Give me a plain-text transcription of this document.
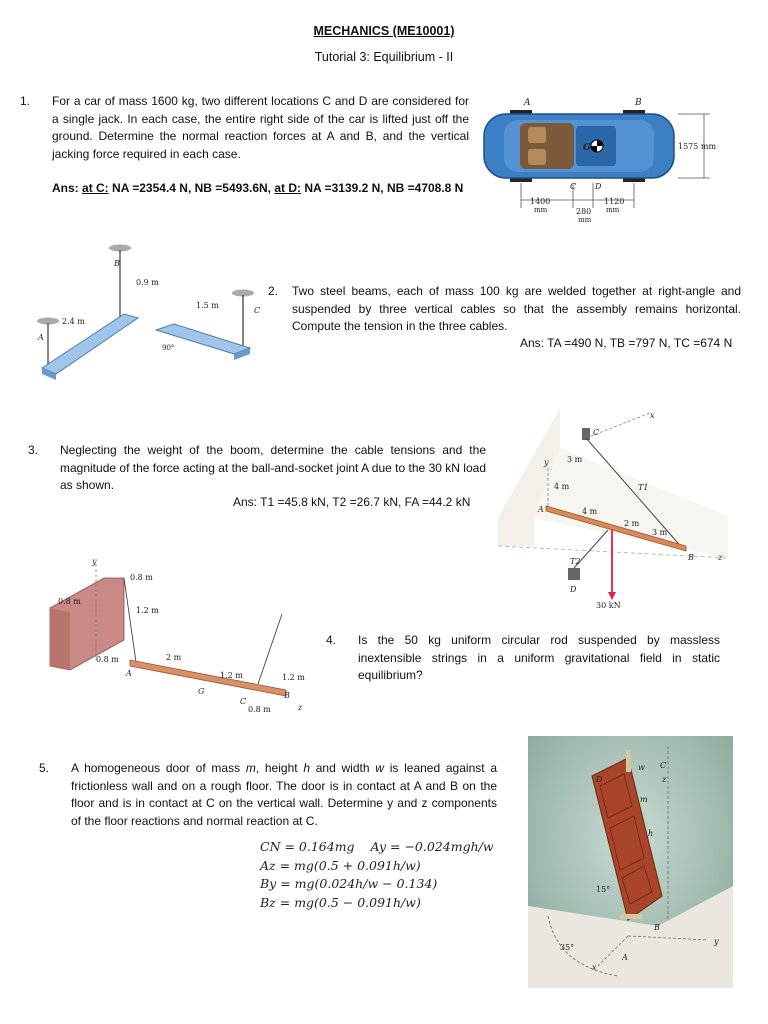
MECHANICS (ME10001)
Tutorial 3: Equilibrium - II
1. For a car of mass 1600 kg, two different locations C and D are considered for a single jack. In each case, the entire right side of the car is lifted just off the ground. Determine the normal reaction forces at A and B, and the vertical jacking force required in each case.
Ans: at C: NA =2354.4 N, NB =5493.6N, at D: NA =3139.2 N, NB =4708.8 N
A	B
G	1575 mm
C D
1400
mm	280
mm
1120
mm
B
A
C
0.9 m
1.5 m
2.4 m
90°
2. Two steel beams, each of mass 100 kg are welded together at right-angle and suspended by three vertical cables so that the assembly remains horizontal. Compute the tension in the three cables.
Ans: TA =490 N, TB =797 N, TC =674 N
3. Neglecting the weight of the boom, determine the cable tensions and the magnitude of the force acting at the ball-and-socket joint A due to the 30 kN load as shown.
Ans: T1 =45.8 kN, T2 =26.7 kN, FA =44.2 kN
C
x
y
T1
A
B	z
D
T2
30 kN
3 m
4 m
4 m
2 m
3 m
y
0.8 m
0.8 m
1.2 m
0.8 m
A
2 m
G
1.2 m	1.2 m
C
0.8 m
B
z
4. Is the 50 kg uniform circular rod suspended by massless inextensible strings in a uniform gravitational field in static equilibrium?
5. A homogeneous door of mass m, height h and width w is leaned against a frictionless wall and on a rough floor. The door is in contact at A and B on the floor and is in contact at C on the vertical wall. Determine y and z components of the floor reactions and normal reaction at C.
CN = 0.164mg    Ay = −0.024mgh/w
Az = mg(0.5 + 0.091h/w)
By = mg(0.024h/w − 0.134)
Bz = mg(0.5 − 0.091h/w)
z
w C
D
m
h
15°
B
A
y
x
35°
